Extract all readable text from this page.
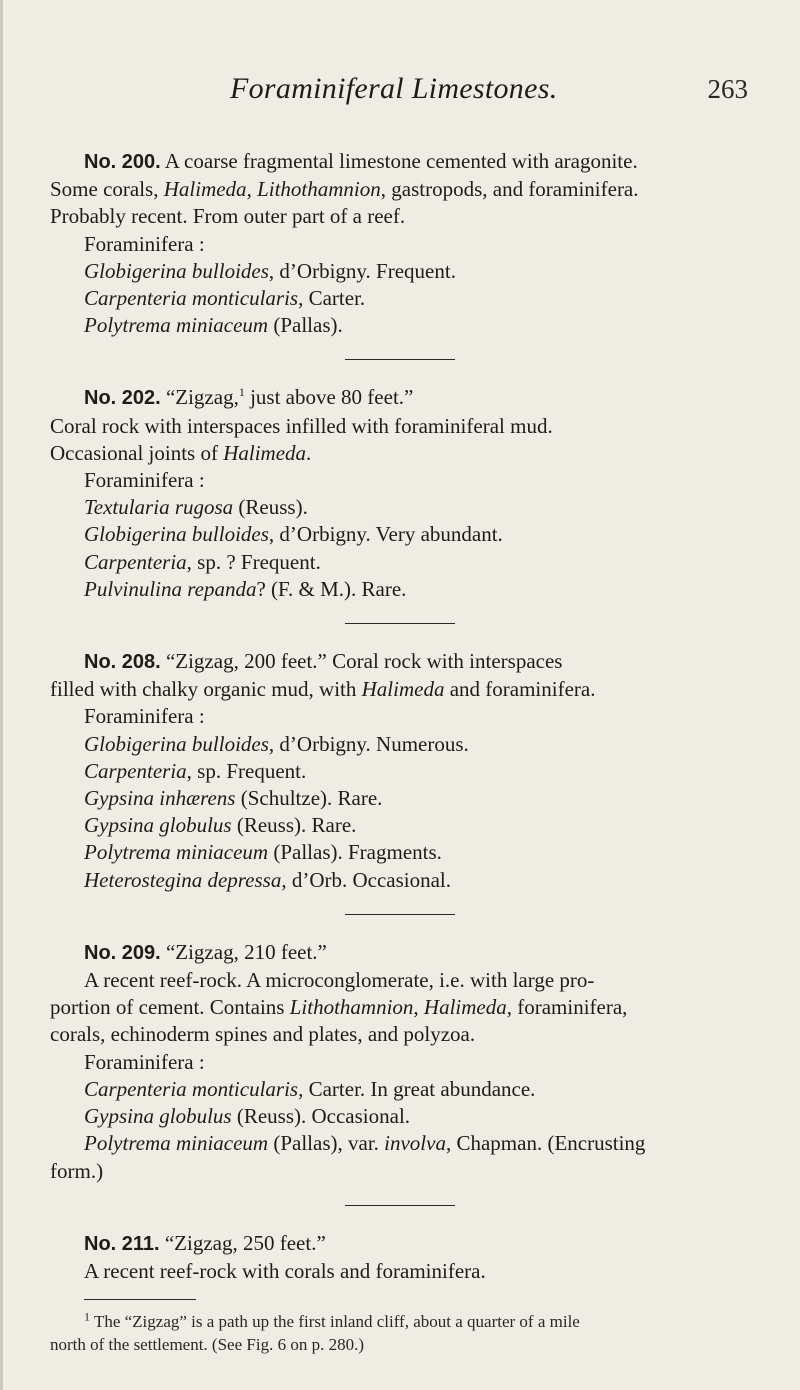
Foraminiferal Limestones.	263

No. 200. A coarse fragmental limestone cemented with aragonite.

Some corals, Halimeda, Lithothamnion, gastropods, and foraminifera.

Probably recent. From outer part of a reef.

Foraminifera :

Globigerina bulloides, d’Orbigny. Frequent.

Carpenteria monticularis, Carter.

Polytrema miniaceum (Pallas).

No. 202. “Zigzag,$^1$ just above 80 feet.”

Coral rock with interspaces infilled with foraminiferal mud.

Occasional joints of Halimeda.

Foraminifera :

Textularia rugosa (Reuss).

Globigerina bulloides, d’Orbigny. Very abundant.

Carpenteria, sp. ? Frequent.

Pulvinulina repanda? (F. & M.). Rare.

No. 208. “Zigzag, 200 feet.” Coral rock with interspaces

filled with chalky organic mud, with Halimeda and foraminifera.

Foraminifera :

Globigerina bulloides, d’Orbigny. Numerous.

Carpenteria, sp. Frequent.

Gypsina inhærens (Schultze). Rare.

Gypsina globulus (Reuss). Rare.

Polytrema miniaceum (Pallas). Fragments.

Heterostegina depressa, d’Orb. Occasional.

No. 209. “Zigzag, 210 feet.”

A recent reef-rock. A microconglomerate, i.e. with large pro-

portion of cement. Contains Lithothamnion, Halimeda, foraminifera,

corals, echinoderm spines and plates, and polyzoa.

Foraminifera :

Carpenteria monticularis, Carter. In great abundance.

Gypsina globulus (Reuss). Occasional.

Polytrema miniaceum (Pallas), var. involva, Chapman. (Encrusting

form.)

No. 211. “Zigzag, 250 feet.”

A recent reef-rock with corals and foraminifera.

$^1$ The “Zigzag” is a path up the first inland cliff, about a quarter of a mile

north of the settlement. (See Fig. 6 on p. 280.)
